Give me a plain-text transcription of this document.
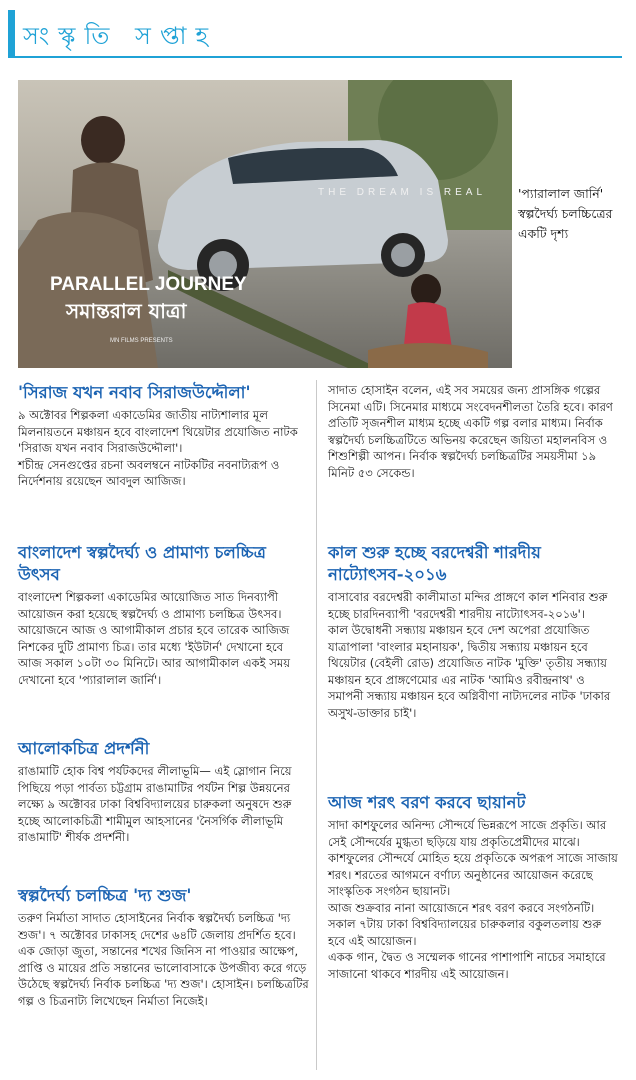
সংস্কৃতি সপ্তাহ
PARALLEL JOURNEY
সমান্তরাল যাত্রা
THE DREAM IS REAL
MN FILMS PRESENTS
'প্যারালাল জার্নি' স্বল্পদৈর্ঘ্য চলচ্চিত্রের একটি দৃশ্য
'সিরাজ যখন নবাব সিরাজউদ্দৌলা'

৯ অক্টোবর শিল্পকলা একাডেমির জাতীয় নাট্যশালার মূল মিলনায়তনে মঞ্চায়ন হবে বাংলাদেশ থিয়েটার প্রযোজিত নাটক 'সিরাজ যখন নবাব সিরাজউদ্দৌলা'।
শচীন্দ্র সেনগুপ্তের রচনা অবলম্বনে নাটকটির নবনাট্যরূপ ও নির্দেশনায় রয়েছেন আবদুল আজিজ।

বাংলাদেশ স্বল্পদৈর্ঘ্য ও প্রামাণ্য চলচ্চিত্র উৎসব

বাংলাদেশ শিল্পকলা একাডেমির আয়োজিত সাত দিনব্যাপী আয়োজন করা হয়েছে স্বল্পদৈর্ঘ্য ও প্রামাণ্য চলচ্চিত্র উৎসব। আয়োজনে আজ ও আগামীকাল প্রচার হবে তারেক আজিজ নিশকের দুটি প্রামাণ্য চিত্র। তার মধ্যে 'ইউটার্ন' দেখানো হবে আজ সকাল ১০টা ৩০ মিনিটে। আর আগামীকাল একই সময় দেখানো হবে 'প্যারালাল জার্নি'।

আলোকচিত্র প্রদর্শনী

রাঙামাটি হোক বিশ্ব পর্যটকদের লীলাভূমি— এই স্লোগান নিয়ে পিছিয়ে পড়া পার্বত্য চট্টগ্রাম রাঙামাটির পর্যটন শিল্প উন্নয়নের লক্ষ্যে ৯ অক্টোবর ঢাকা বিশ্ববিদ্যালয়ের চারুকলা অনুষদে শুরু হচ্ছে আলোকচিত্রী শামীমুল আহসানের 'নৈসর্গিক লীলাভূমি রাঙামাটি' শীর্ষক প্রদর্শনী।

স্বল্পদৈর্ঘ্য চলচ্চিত্র 'দ্য শুজ'

তরুণ নির্মাতা সাদাত হোসাইনের নির্বাক স্বল্পদৈর্ঘ্য চলচ্চিত্র 'দ্য শুজ'। ৭ অক্টোবর ঢাকাসহ দেশের ৬৪টি জেলায় প্রদর্শিত হবে।
এক জোড়া জুতা, সন্তানের শখের জিনিস না পাওয়ার আক্ষেপ, প্রাপ্তি ও মায়ের প্রতি সন্তানের ভালোবাসাকে উপজীব্য করে গড়ে উঠেছে স্বল্পদৈর্ঘ্য নির্বাক চলচ্চিত্র 'দ্য শুজ'। হোসাইন। চলচ্চিত্রটির গল্প ও চিত্রনাট্য লিখেছেন নির্মাতা নিজেই।

সাদাত হোসাইন বলেন, এই সব সময়ের জন্য প্রাসঙ্গিক গল্পের সিনেমা এটি। সিনেমার মাধ্যমে সংবেদনশীলতা তৈরি হবে। কারণ প্রতিটি সৃজনশীল মাধ্যম হচ্ছে একটি গল্প বলার মাধ্যম। নির্বাক স্বল্পদৈর্ঘ্য চলচ্চিত্রটিতে অভিনয় করেছেন জয়িতা মহালনবিস ও শিশুশিল্পী আপন। নির্বাক স্বল্পদৈর্ঘ্য চলচ্চিত্রটির সময়সীমা ১৯ মিনিট ৫৩ সেকেন্ড।

কাল শুরু হচ্ছে বরদেশ্বরী শারদীয় নাট্যোৎসব-২০১৬

বাসাবোর বরদেশ্বরী কালীমাতা মন্দির প্রাঙ্গণে কাল শনিবার শুরু হচ্ছে চারদিনব্যাপী 'বরদেশ্বরী শারদীয় নাট্যোৎসব-২০১৬'।
কাল উদ্বোধনী সন্ধ্যায় মঞ্চায়ন হবে দেশ অপেরা প্রযোজিত যাত্রাপালা 'বাংলার মহানায়ক', দ্বিতীয় সন্ধ্যায় মঞ্চায়ন হবে থিয়েটার (বেইলী রোড) প্রযোজিত নাটক 'মুক্তি' তৃতীয় সন্ধ্যায় মঞ্চায়ন হবে প্রাঙ্গণেমোর এর নাটক 'আমিও রবীন্দ্রনাথ' ও সমাপনী সন্ধ্যায় মঞ্চায়ন হবে অগ্নিবীণা নাট্যদলের নাটক 'ঢাকার অসুখ-ডাক্তার চাই'।

আজ শরৎ বরণ করবে ছায়ানট

সাদা কাশফুলের অনিন্দ্য সৌন্দর্যে ভিন্নরূপে সাজে প্রকৃতি। আর সেই সৌন্দর্যের মুগ্ধতা ছড়িয়ে যায় প্রকৃতিপ্রেমীদের মাঝে। কাশফুলের সৌন্দর্যে মোহিত হয়ে প্রকৃতিকে অপরূপ সাজে সাজায় শরৎ। শরতের আগমনে বর্ণাঢ্য অনুষ্ঠানের আয়োজন করেছে সাংস্কৃতিক সংগঠন ছায়ানট।
আজ শুক্রবার নানা আয়োজনে শরৎ বরণ করবে সংগঠনটি।
সকাল ৭টায় ঢাকা বিশ্ববিদ্যালয়ের চারুকলার বকুলতলায় শুরু হবে এই আয়োজন।
একক গান, দ্বৈত ও সম্মেলক গানের পাশাপাশি নাচের সমাহারে সাজানো থাকবে শারদীয় এই আয়োজন।
